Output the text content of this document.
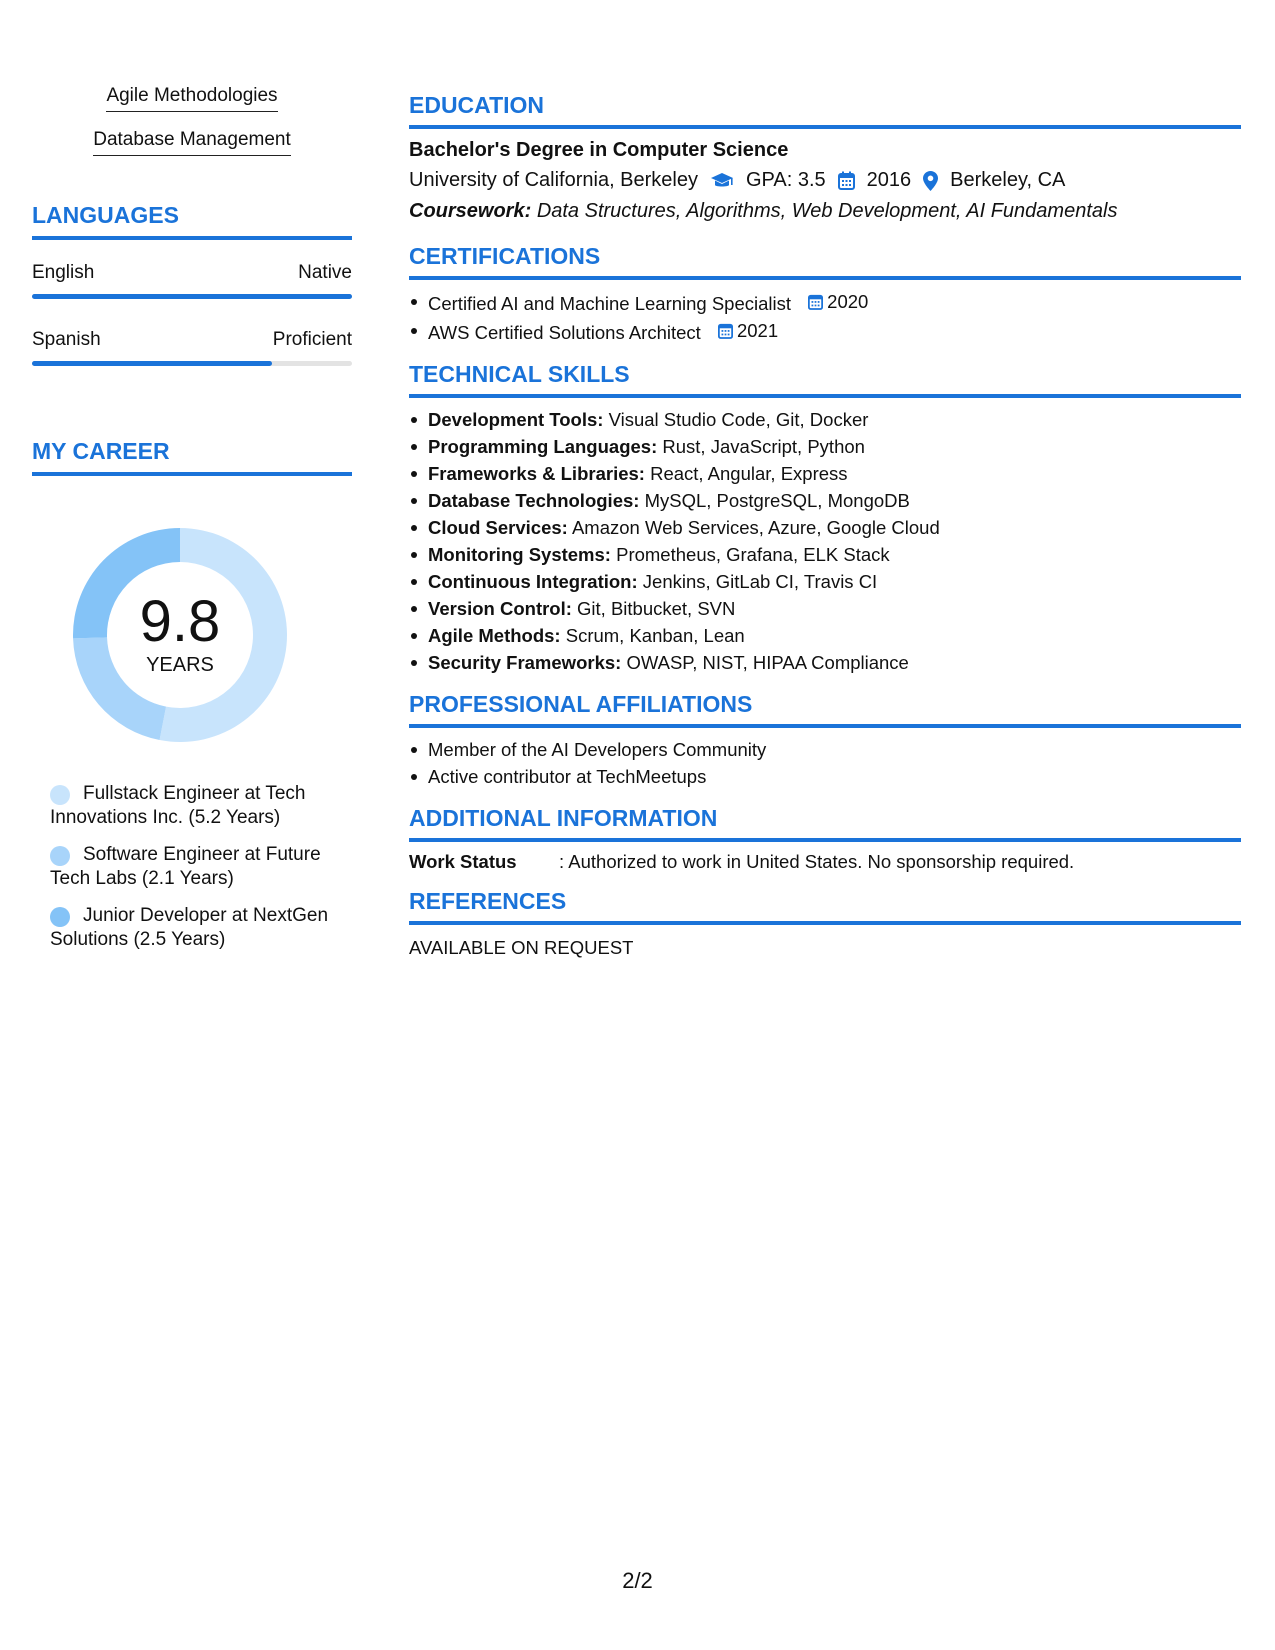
Agile Methodologies
Database Management
LANGUAGES
English	Native
Spanish	Proficient
MY CAREER
9.8
YEARS
Fullstack Engineer at Tech Innovations Inc. (5.2 Years)
Software Engineer at Future Tech Labs (2.1 Years)
Junior Developer at NextGen Solutions (2.5 Years)
EDUCATION
Bachelor's Degree in Computer Science
University of California, Berkeley GPA: 3.5 2016 Berkeley, CA
Coursework: Data Structures, Algorithms, Web Development, AI Fundamentals
CERTIFICATIONS
Certified AI and Machine Learning Specialist 2020
AWS Certified Solutions Architect 2021
TECHNICAL SKILLS
Development Tools: Visual Studio Code, Git, Docker
Programming Languages: Rust, JavaScript, Python
Frameworks & Libraries: React, Angular, Express
Database Technologies: MySQL, PostgreSQL, MongoDB
Cloud Services: Amazon Web Services, Azure, Google Cloud
Monitoring Systems: Prometheus, Grafana, ELK Stack
Continuous Integration: Jenkins, GitLab CI, Travis CI
Version Control: Git, Bitbucket, SVN
Agile Methods: Scrum, Kanban, Lean
Security Frameworks: OWASP, NIST, HIPAA Compliance
PROFESSIONAL AFFILIATIONS
Member of the AI Developers Community
Active contributor at TechMeetups
ADDITIONAL INFORMATION
Work Status	: Authorized to work in United States. No sponsorship required.
REFERENCES
AVAILABLE ON REQUEST
2/2
